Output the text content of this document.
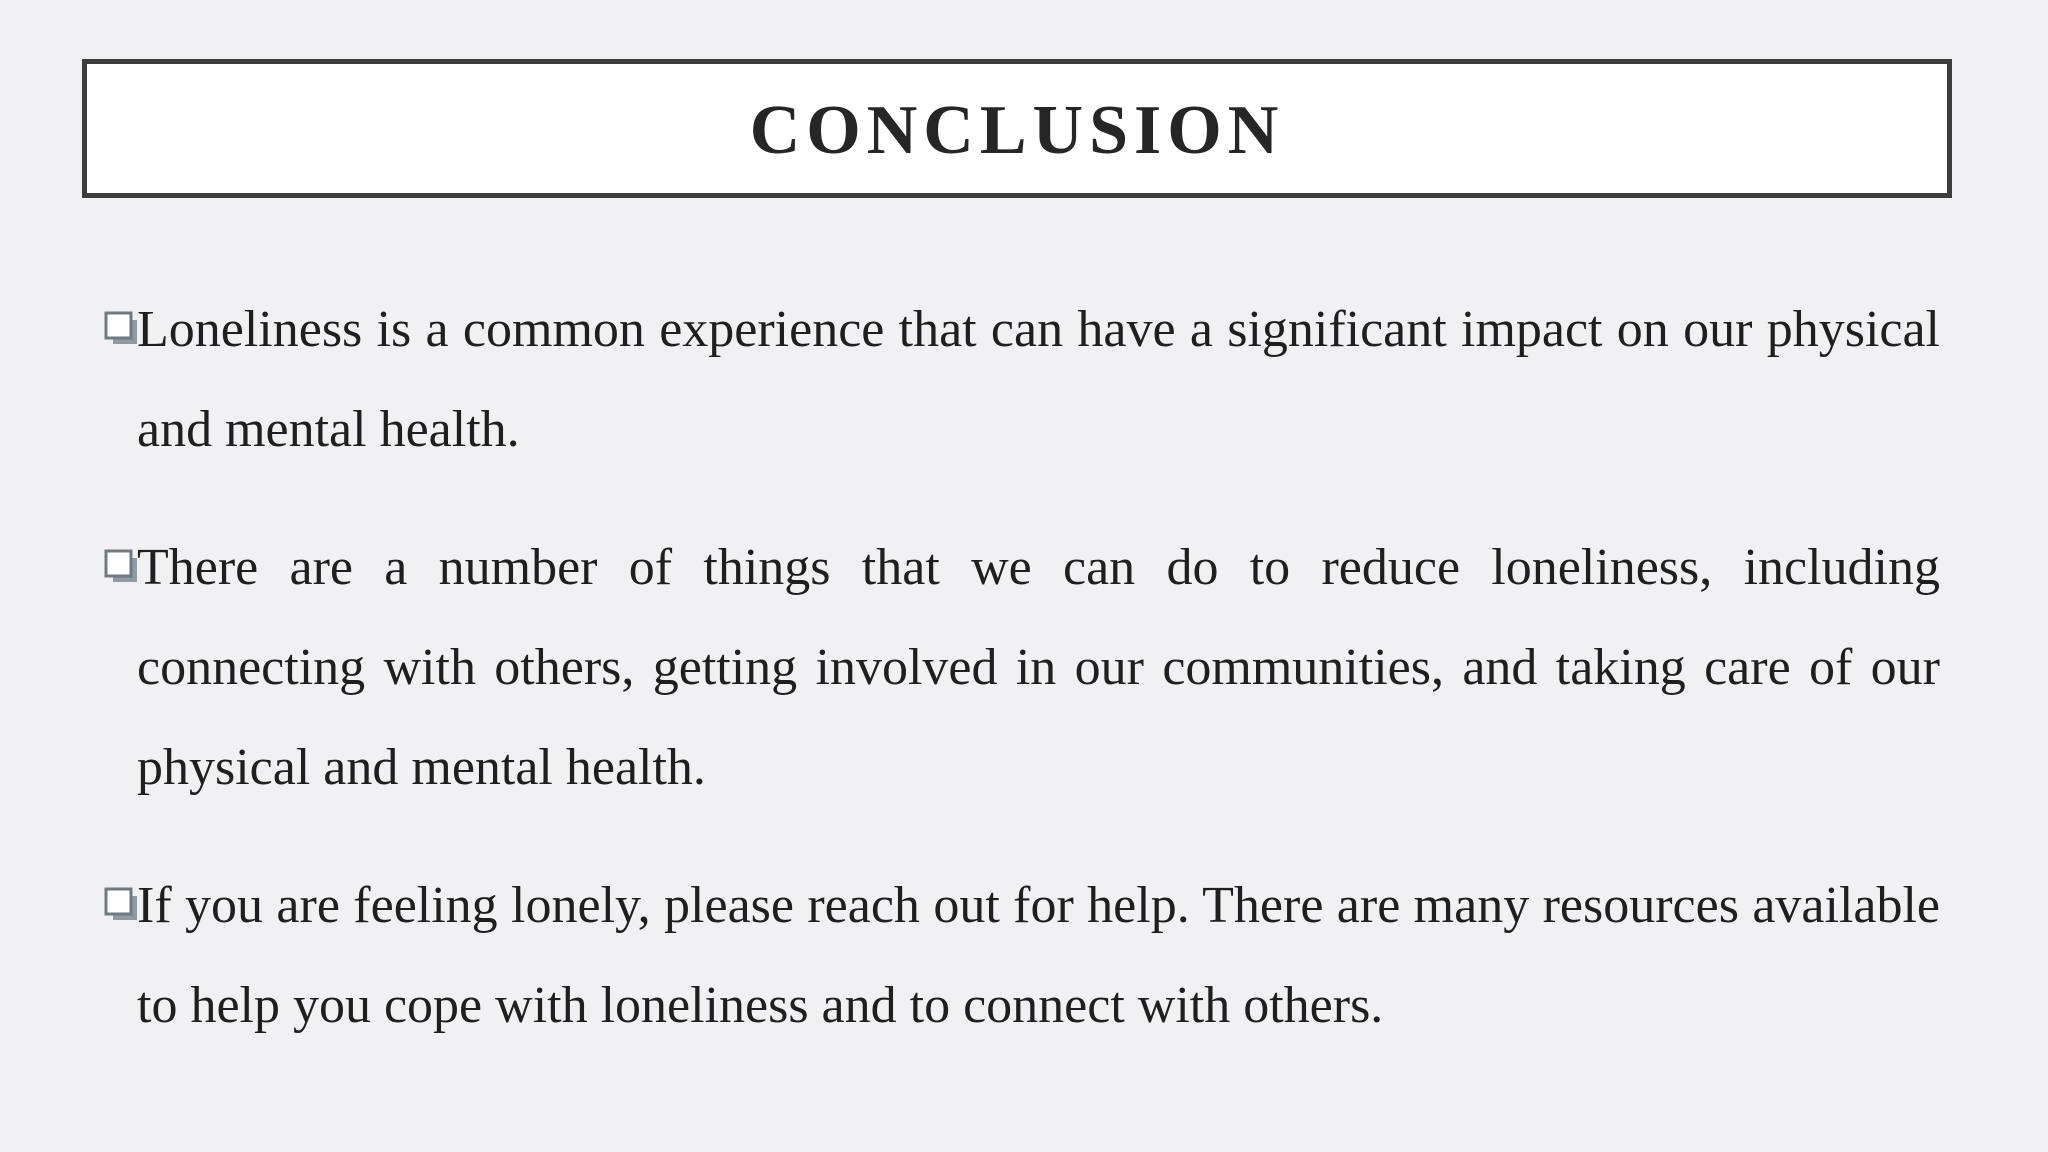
CONCLUSION
Loneliness is a common experience that can have a significant impact on our physical and mental health.
There are a number of things that we can do to reduce loneliness, including connecting with others, getting involved in our communities, and taking care of our physical and mental health.
If you are feeling lonely, please reach out for help. There are many resources available to help you cope with loneliness and to connect with others.
